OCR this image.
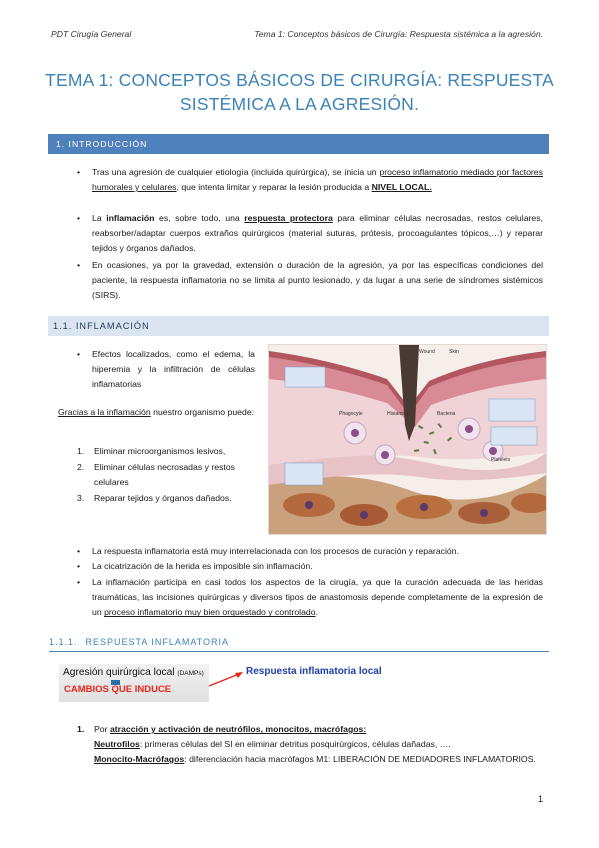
PDT Cirugía General	Tema 1: Conceptos básicos de Cirurgía: Respuesta sistémica a la agresión.
TEMA 1: CONCEPTOS BÁSICOS DE CIRURGÍA: RESPUESTA
SISTÉMICA A LA AGRESIÓN.
1. INTRODUCCIÓN
• Tras una agresión de cualquier etiología (incluida quirúrgica), se inicia un proceso inflamatorio mediado por factores humorales y celulares, que intenta limitar y reparar la lesión producida a NIVEL LOCAL.
• La inflamación es, sobre todo, una respuesta protectora para eliminar células necrosadas, restos celulares, reabsorber/adaptar cuerpos extraños quirúrgicos (material suturas, prótesis, procoagulantes tópicos,…) y reparar tejidos y órganos dañados.
• En ocasiones, ya por la gravedad, extensión o duración de la agresión, ya por las específicas condiciones del paciente, la respuesta inflamatoria no se limita al punto lesionado, y da lugar a una serie de síndromes sistémicos (SIRS).
1.1. INFLAMACIÓN
• Efectos localizados, como el edema, la hiperemia y la infiltración de células inflamatorias
Gracias a la inflamación nuestro organismo puede:
1. Eliminar microorganismos lesivos,
2. Eliminar células necrosadas y restos celulares
3. Reparar tejidos y órganos dañados.
Wound	Skin
Phagocyte	Histamine	Bacteria
Platelets
• La respuesta inflamatoria está muy interrelacionada con los procesos de curación y reparación.
• La cicatrización de la herida es imposible sin inflamación.
• La inflamación participa en casi todos los aspectos de la cirugía, ya que la curación adecuada de las heridas traumáticas, las incisiones quirúrgicas y diversos tipos de anastomosis depende completamente de la expresión de un proceso inflamatorio muy bien orquestado y controlado.
1.1.1. RESPUESTA INFLAMATORIA
Agresión quirúrgica local (DAMPs)
CAMBIOS QUE INDUCE
Respuesta inflamatoria local
1. Por atracción y activación de neutrófilos, monocitos, macrófagos:
Neutrofilos: primeras células del SI en eliminar detritus posquirúrgicos, células dañadas, ….
Monocito-Macrófagos: diferenciación hacia macrófagos M1: LIBERACIÓN DE MEDIADORES INFLAMATORIOS.
1
